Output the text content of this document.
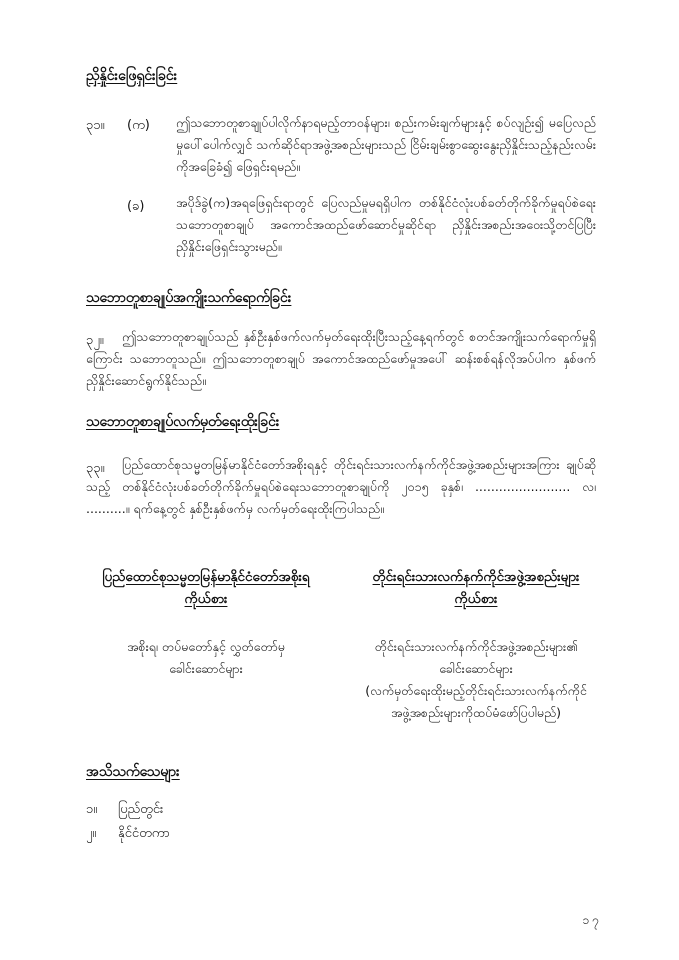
ညှိနှိုင်းဖြေရှင်းခြင်း
၃၁။ (က) ဤသဘောတူစာချုပ်ပါလိုက်နာရမည့်တာဝန်များ၊ စည်းကမ်းချက်များနှင့် စပ်လျဉ်း၍ မပြေလည်မှုပေါ်ပေါက်လျှင် သက်ဆိုင်ရာအဖွဲ့အစည်းများသည် ငြိမ်းချမ်းစွာဆွေးနွေးညှိနှိုင်းသည့်နည်းလမ်းကိုအခြေခံ၍ ဖြေရှင်းရမည်။
(ခ)	အပိုဒ်ခွဲ(က)အရဖြေရှင်းရာတွင် ပြေလည်မှုမရရှိပါက တစ်နိုင်ငံလုံးပစ်ခတ်တိုက်ခိုက်မှုရပ်စဲရေးသဘောတူစာချုပ် အကောင်အထည်ဖော်ဆောင်မှုဆိုင်ရာ ညှိနှိုင်းအစည်းအဝေးသို့တင်ပြပြီး ညှိနှိုင်းဖြေရှင်းသွားမည်။
သဘောတူစာချုပ်အကျိုးသက်ရောက်ခြင်း
၃၂။	ဤသဘောတူစာချုပ်သည် နှစ်ဦးနှစ်ဖက်လက်မှတ်ရေးထိုးပြီးသည့်နေ့ရက်တွင် စတင်အကျိုးသက်ရောက်မှုရှိကြောင်း သဘောတူသည်။ ဤသဘောတူစာချုပ် အကောင်အထည်ဖော်မှုအပေါ် ဆန်းစစ်ရန်လိုအပ်ပါက နှစ်ဖက်ညှိနှိုင်းဆောင်ရွက်နိုင်သည်။
သဘောတူစာချုပ်လက်မှတ်ရေးထိုးခြင်း
၃၃။	ပြည်ထောင်စုသမ္မတမြန်မာနိုင်ငံတော်အစိုးရနှင့် တိုင်းရင်းသားလက်နက်ကိုင်အဖွဲ့အစည်းများအကြား ချုပ်ဆိုသည့် တစ်နိုင်ငံလုံးပစ်ခတ်တိုက်ခိုက်မှုရပ်စဲရေးသဘောတူစာချုပ်ကို ၂၀၁၅ ခုနှစ်၊ ........................ လ၊ ..........။ ရက်နေ့တွင် နှစ်ဦးနှစ်ဖက်မှ လက်မှတ်ရေးထိုးကြပါသည်။
ပြည်ထောင်စုသမ္မတမြန်မာနိုင်ငံတော်အစိုးရ
ကိုယ်စား
အစိုးရ၊ တပ်မတော်နှင့် လွှတ်တော်မှ
ခေါင်းဆောင်များ
တိုင်းရင်းသားလက်နက်ကိုင်အဖွဲ့အစည်းများ
ကိုယ်စား
တိုင်းရင်းသားလက်နက်ကိုင်အဖွဲ့အစည်းများ၏
ခေါင်းဆောင်များ
(လက်မှတ်ရေးထိုးမည့်တိုင်းရင်းသားလက်နက်ကိုင်
အဖွဲ့အစည်းများကိုထပ်မံဖော်ပြပါမည်)
အသိသက်သေများ
၁။ ပြည်တွင်း
၂။ နိုင်ငံတကာ
၁၇
